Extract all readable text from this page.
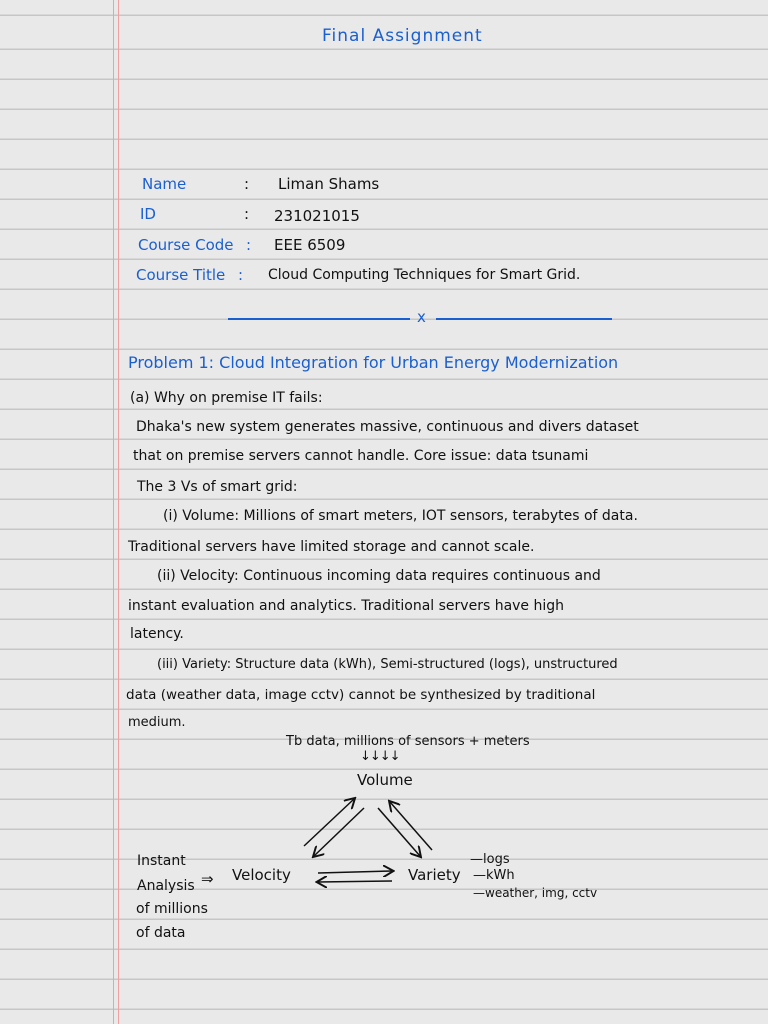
Final Assignment
Name	: Liman Shams
ID	: 231021015
Course Code : EEE 6509
Course Title : Cloud Computing Techniques for Smart Grid.
x
Problem 1: Cloud Integration for Urban Energy Modernization
(a) Why on premise IT fails:
Dhaka's new system generates massive, continuous and divers dataset
that on premise servers cannot handle. Core issue: data tsunami
The 3 Vs of smart grid:
(i) Volume: Millions of smart meters, IOT sensors, terabytes of data.
Traditional servers have limited storage and cannot scale.
(ii) Velocity: Continuous incoming data requires continuous and
instant evaluation and analytics. Traditional servers have high
latency.
(iii) Variety: Structure data (kWh), Semi-structured (logs), unstructured
data (weather data, image cctv) cannot be synthesized by traditional
medium.
Tb data, millions of sensors + meters
↓↓↓↓
Volume
Instant
Analysis
of millions
of data
⇒ Velocity	Variety
—logs
—kWh
—weather, img, cctv
